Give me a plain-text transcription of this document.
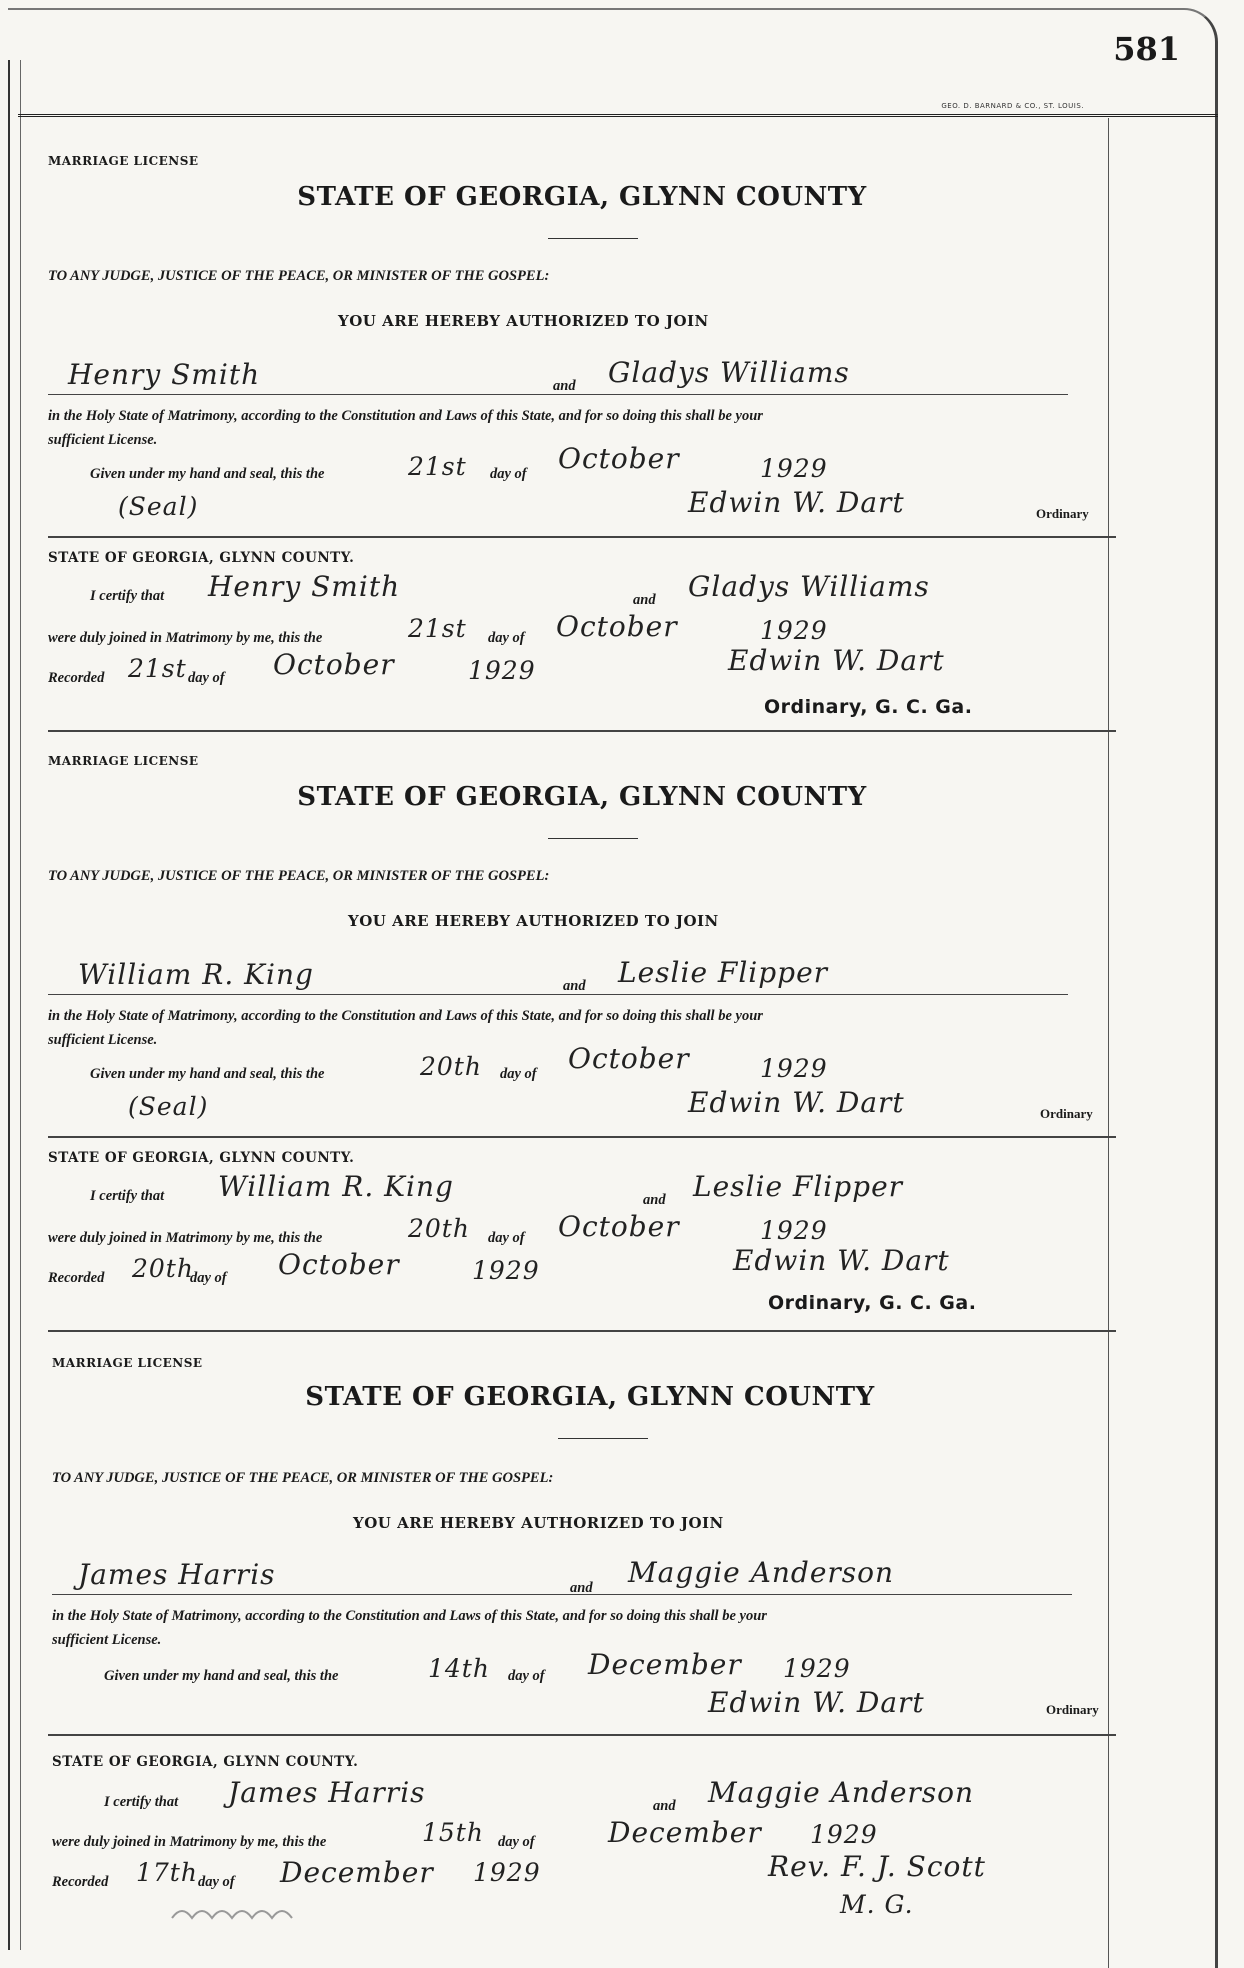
581
GEO. D. BARNARD & CO., ST. LOUIS.
MARRIAGE LICENSE
STATE OF GEORGIA, GLYNN COUNTY
TO ANY JUDGE, JUSTICE OF THE PEACE, OR MINISTER OF THE GOSPEL:
YOU ARE HEREBY AUTHORIZED TO JOIN
Henry Smith	and Gladys Williams
in the Holy State of Matrimony, according to the Constitution and Laws of this State, and for so doing this shall be your
sufficient License.
Given under my hand and seal, this the	21st day of October	1929
(Seal)	Edwin W. Dart	Ordinary
STATE OF GEORGIA, GLYNN COUNTY.
I certify that Henry Smith	and Gladys Williams
were duly joined in Matrimony by me, this the	21st day of October	1929
Recorded 21st day of October	1929	Edwin W. Dart
Ordinary, G. C. Ga.
MARRIAGE LICENSE
STATE OF GEORGIA, GLYNN COUNTY
TO ANY JUDGE, JUSTICE OF THE PEACE, OR MINISTER OF THE GOSPEL:
YOU ARE HEREBY AUTHORIZED TO JOIN
William R. King	and Leslie Flipper
in the Holy State of Matrimony, according to the Constitution and Laws of this State, and for so doing this shall be your
sufficient License.
Given under my hand and seal, this the	20th day of October	1929
(Seal)	Edwin W. Dart	Ordinary
STATE OF GEORGIA, GLYNN COUNTY.
I certify that William R. King	and Leslie Flipper
were duly joined in Matrimony by me, this the	20th day of October	1929
Recorded 20th
day of October	1929	Edwin W. Dart
Ordinary, G. C. Ga.
MARRIAGE LICENSE
STATE OF GEORGIA, GLYNN COUNTY
TO ANY JUDGE, JUSTICE OF THE PEACE, OR MINISTER OF THE GOSPEL:
YOU ARE HEREBY AUTHORIZED TO JOIN
James Harris	and Maggie Anderson
in the Holy State of Matrimony, according to the Constitution and Laws of this State, and for so doing this shall be your
sufficient License.
Given under my hand and seal, this the	14th day of December 1929
Edwin W. Dart	Ordinary
STATE OF GEORGIA, GLYNN COUNTY.
I certify that James Harris	and Maggie Anderson
were duly joined in Matrimony by me, this the	15th day of	December 1929
Recorded 17th day of December 1929	Rev. F. J. Scott
M. G.
